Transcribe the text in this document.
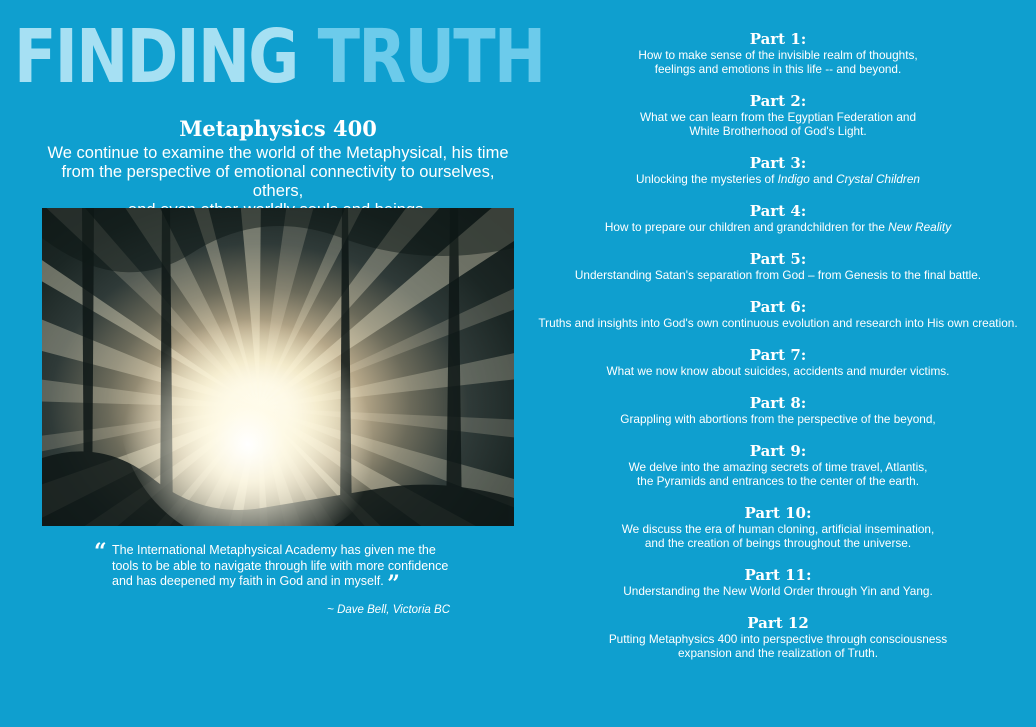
FINDING TRUTH
Metaphysics 400

We continue to examine the world of the Metaphysical, his time
from the perspective of emotional connectivity to ourselves, others,

“ The International Metaphysical Academy has given me the
tools to be able to navigate through life with more confidence
and has deepened my faith in God and in myself. ”
~ Dave Bell, Victoria BC
Part 1:
How to make sense of the invisible realm of thoughts,
feelings and emotions in this life -- and beyond.
Part 2:
What we can learn from the Egyptian Federation and
White Brotherhood of God's Light.
Part 3:
Unlocking the mysteries of Indigo and Crystal Children
Part 4:
How to prepare our children and grandchildren for the New Reality
Part 5:
Understanding Satan's separation from God – from Genesis to the final battle.
Part 6:
Truths and insights into God's own continuous evolution and research into His own creation.
Part 7:
What we now know about suicides, accidents and murder victims.
Part 8:
Grappling with abortions from the perspective of the beyond,
Part 9:
We delve into the amazing secrets of time travel, Atlantis,
the Pyramids and entrances to the center of the earth.
Part 10:
We discuss the era of human cloning, artificial insemination,
and the creation of beings throughout the universe.
Part 11:
Understanding the New World Order through Yin and Yang.
Part 12
Putting Metaphysics 400 into perspective through consciousness
expansion and the realization of Truth.
